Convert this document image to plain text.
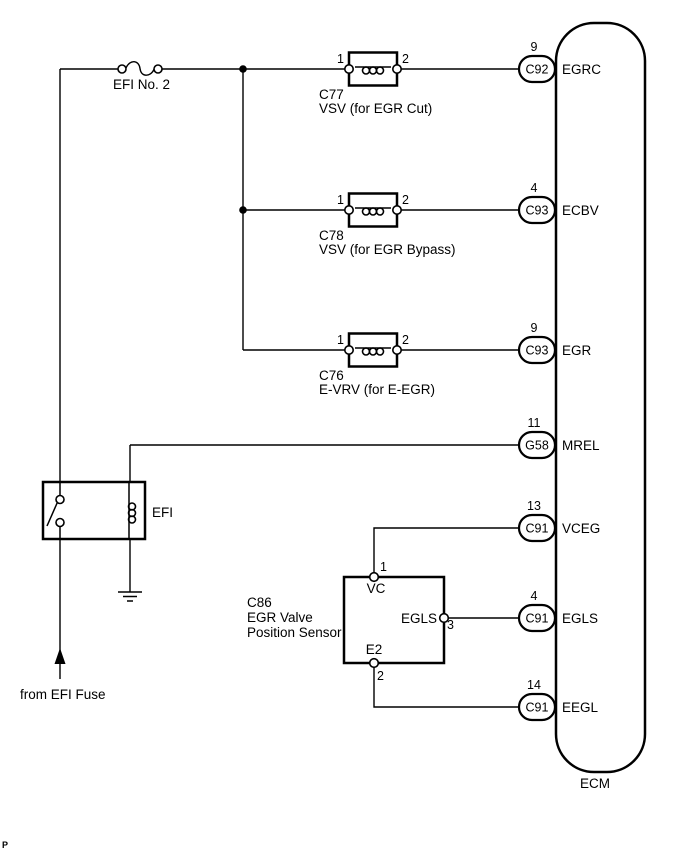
ECM
EFI No. 2
1	2
C77
VSV (for EGR Cut)
1	2
C78
VSV (for EGR Bypass)
1	2
C76
E-VRV (for E-EGR)
EFI
from EFI Fuse
1
VC
EGLS 3
E2
2
C86
EGR Valve
Position Sensor
C92
9
EGRC
C93
4
ECBV
C93
9
EGR
G58
11
MREL
C91
13
VCEG
C91
4
EGLS
C91
14
EEGL
P
